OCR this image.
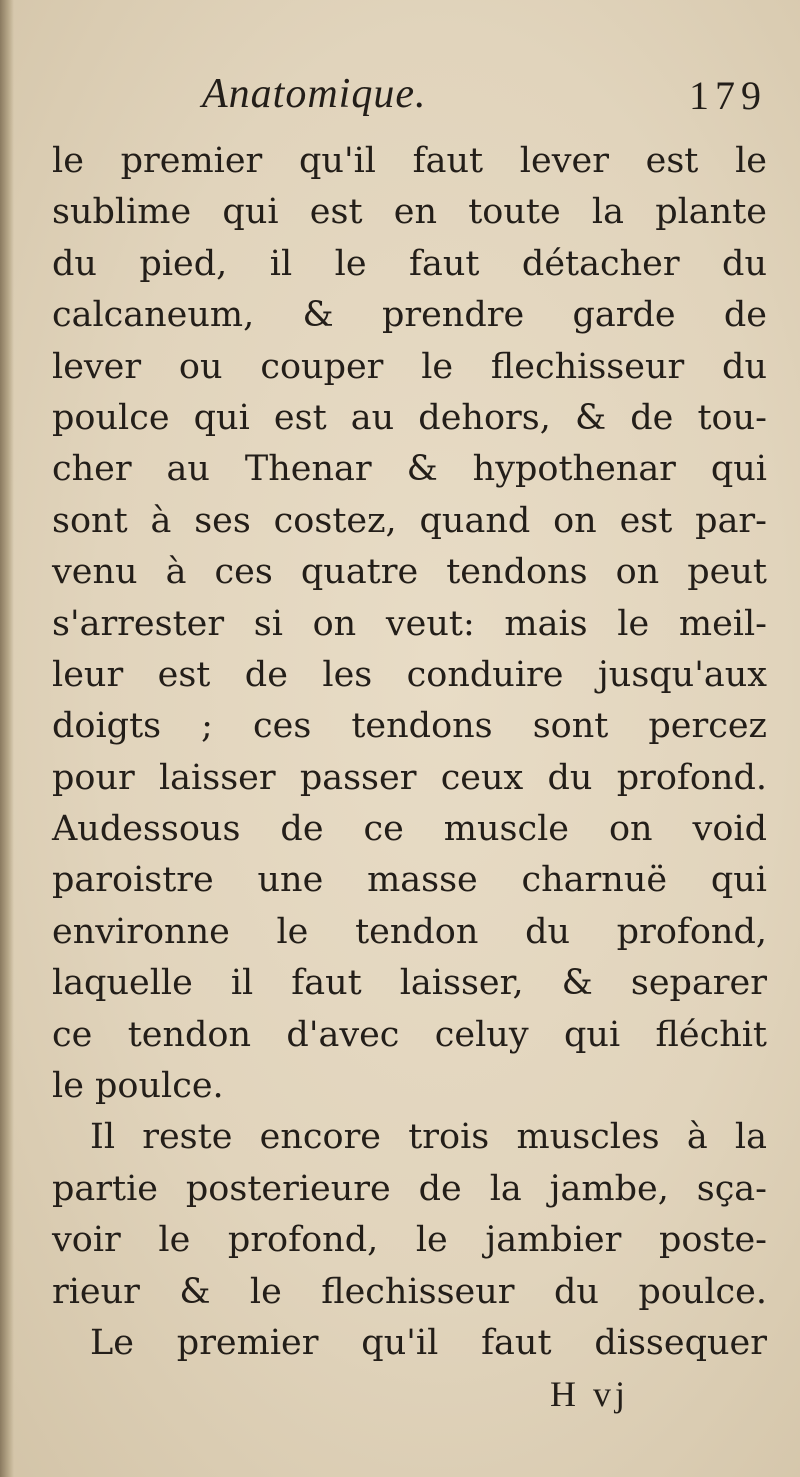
Anatomique.	179
le premier qu'il faut lever est le
sublime qui est en toute la plante
du pied, il le faut détacher du
calcaneum, & prendre garde de
lever ou couper le flechisseur du
poulce qui est au dehors, & de tou-
cher au Thenar & hypothenar qui
sont à ses costez, quand on est par-
venu à ces quatre tendons on peut
s'arrester si on veut: mais le meil-
leur est de les conduire jusqu'aux
doigts ; ces tendons sont percez
pour laisser passer ceux du profond.
Audessous de ce muscle on void
paroistre une masse charnuë qui
environne le tendon du profond,
laquelle il faut laisser, & separer
ce tendon d'avec celuy qui fléchit
le poulce.
Il reste encore trois muscles à la
partie posterieure de la jambe, sça-
voir le profond, le jambier poste-
rieur & le flechisseur du poulce.
Le premier qu'il faut dissequer
H vj
